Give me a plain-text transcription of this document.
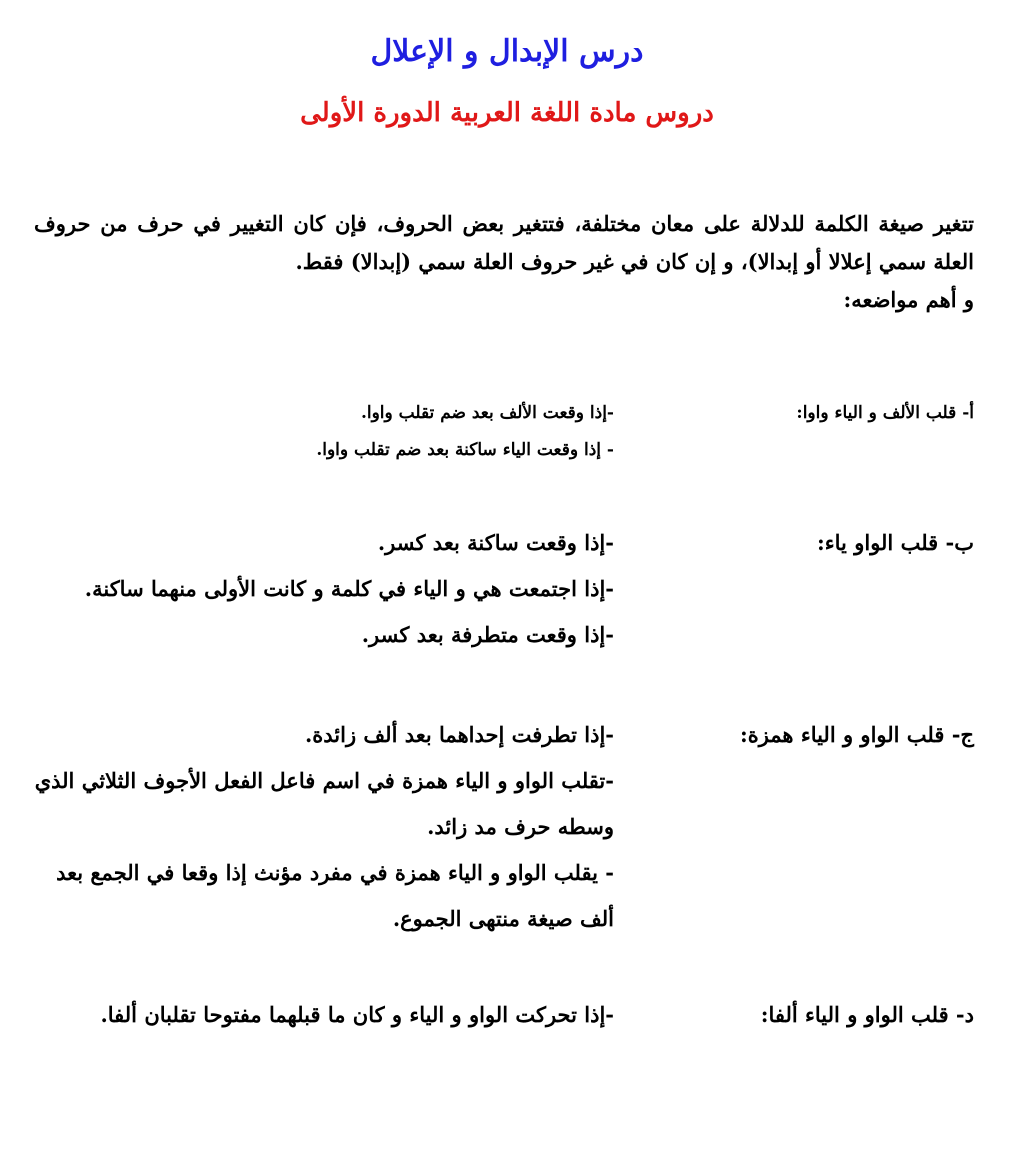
درس الإبدال و الإعلال
دروس مادة اللغة العربية الدورة الأولى

تتغير صيغة الكلمة للدلالة على معان مختلفة، فتتغير بعض الحروف، فإن كان التغيير في حرف من حروف العلة سمي إعلالا أو إبدالا)، و إن كان في غير حروف العلة سمي (إبدالا) فقط.

و أهم مواضعه:

أ- قلب الألف و الياء واوا:
-إذا وقعت الألف بعد ضم تقلب واوا.
- إذا وقعت الياء ساكنة بعد ضم تقلب واوا.
ب- قلب الواو ياء:
-إذا وقعت ساكنة بعد كسر.
-إذا اجتمعت هي و الياء في كلمة و كانت الأولى منهما ساكنة.
-إذا وقعت متطرفة بعد كسر.
ج- قلب الواو و الياء همزة:
-إذا تطرفت إحداهما بعد ألف زائدة.
-تقلب الواو و الياء همزة في اسم فاعل الفعل الأجوف الثلاثي الذي وسطه حرف مد زائد.
- يقلب الواو و الياء همزة في مفرد مؤنث إذا وقعا في الجمع بعد ألف صيغة منتهى الجموع.
د- قلب الواو و الياء ألفا:
-إذا تحركت الواو و الياء و كان ما قبلهما مفتوحا تقلبان ألفا.
